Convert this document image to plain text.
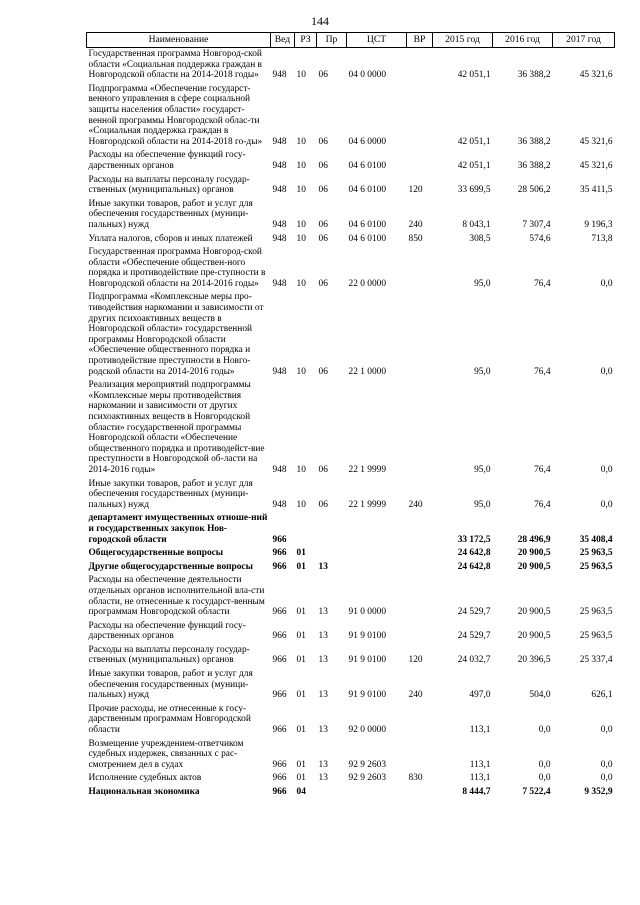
144
Наименование	Вед	РЗ	Пр	ЦСТ	ВР	2015 год	2016 год	2017 год
Государственная программа Новгород-ской области «Социальная поддержка граждан в Новгородской области на 2014-2018 годы»	948	10	06	04 0 0000		42 051,1	36 388,2	45 321,6
Подпрограмма «Обеспечение государст-венного управления в сфере социальной защиты населения области» государст-венной программы Новгородской облас-ти «Социальная поддержка граждан в Новгородской области на 2014-2018 го-ды»	948	10	06	04 6 0000		42 051,1	36 388,2	45 321,6
Расходы на обеспечение функций госу-дарственных органов	948	10	06	04 6 0100		42 051,1	36 388,2	45 321,6
Расходы на выплаты персоналу государ-ственных (муниципальных) органов	948	10	06	04 6 0100	120	33 699,5	28 506,2	35 411,5
Иные закупки товаров, работ и услуг для обеспечения государственных (муници-пальных) нужд	948	10	06	04 6 0100	240	8 043,1	7 307,4	9 196,3
Уплата налогов, сборов и иных платежей	948	10	06	04 6 0100	850	308,5	574,6	713,8
Государственная программа Новгород-ской области «Обеспечение обществен-ного порядка и противодействие пре-ступности в Новгородской области на 2014-2016 годы»	948	10	06	22 0 0000		95,0	76,4	0,0
Подпрограмма «Комплексные меры про-тиводействия наркомании и зависимости от других психоактивных веществ в Новгородской области» государственной программы Новгородской области «Обеспечение общественного порядка и противодействие преступности в Новго-родской области на 2014-2016 годы»	948	10	06	22 1 0000		95,0	76,4	0,0
Реализация мероприятий подпрограммы «Комплексные меры противодействия наркомании и зависимости от других психоактивных веществ в Новгородской области» государственной программы Новгородской области «Обеспечение общественного порядка и противодейст-вие преступности в Новгородской об-ласти на 2014-2016 годы»	948	10	06	22 1 9999		95,0	76,4	0,0
Иные закупки товаров, работ и услуг для обеспечения государственных (муници-пальных) нужд	948	10	06	22 1 9999	240	95,0	76,4	0,0
департамент имущественных отноше-ний и государственных закупок Нов-городской области	966					33 172,5	28 496,9	35 408,4
Общегосударственные вопросы	966	01				24 642,8	20 900,5	25 963,5
Другие общегосударственные вопросы	966	01	13			24 642,8	20 900,5	25 963,5
Расходы на обеспечение деятельности отдельных органов исполнительной вла-сти области, не отнесенные к государст-венным программам Новгородской области	966	01	13	91 0 0000		24 529,7	20 900,5	25 963,5
Расходы на обеспечение функций госу-дарственных органов	966	01	13	91 9 0100		24 529,7	20 900,5	25 963,5
Расходы на выплаты персоналу государ-ственных (муниципальных) органов	966	01	13	91 9 0100	120	24 032,7	20 396,5	25 337,4
Иные закупки товаров, работ и услуг для обеспечения государственных (муници-пальных) нужд	966	01	13	91 9 0100	240	497,0	504,0	626,1
Прочие расходы, не отнесенные к госу-дарственным программам Новгородской области	966	01	13	92 0 0000		113,1	0,0	0,0
Возмещение учреждением-ответчиком судебных издержек, связанных с рас-смотрением дел в судах	966	01	13	92 9 2603		113,1	0,0	0,0
Исполнение судебных актов	966	01	13	92 9 2603	830	113,1	0,0	0,0
Национальная экономика	966	04				8 444,7	7 522,4	9 352,9
